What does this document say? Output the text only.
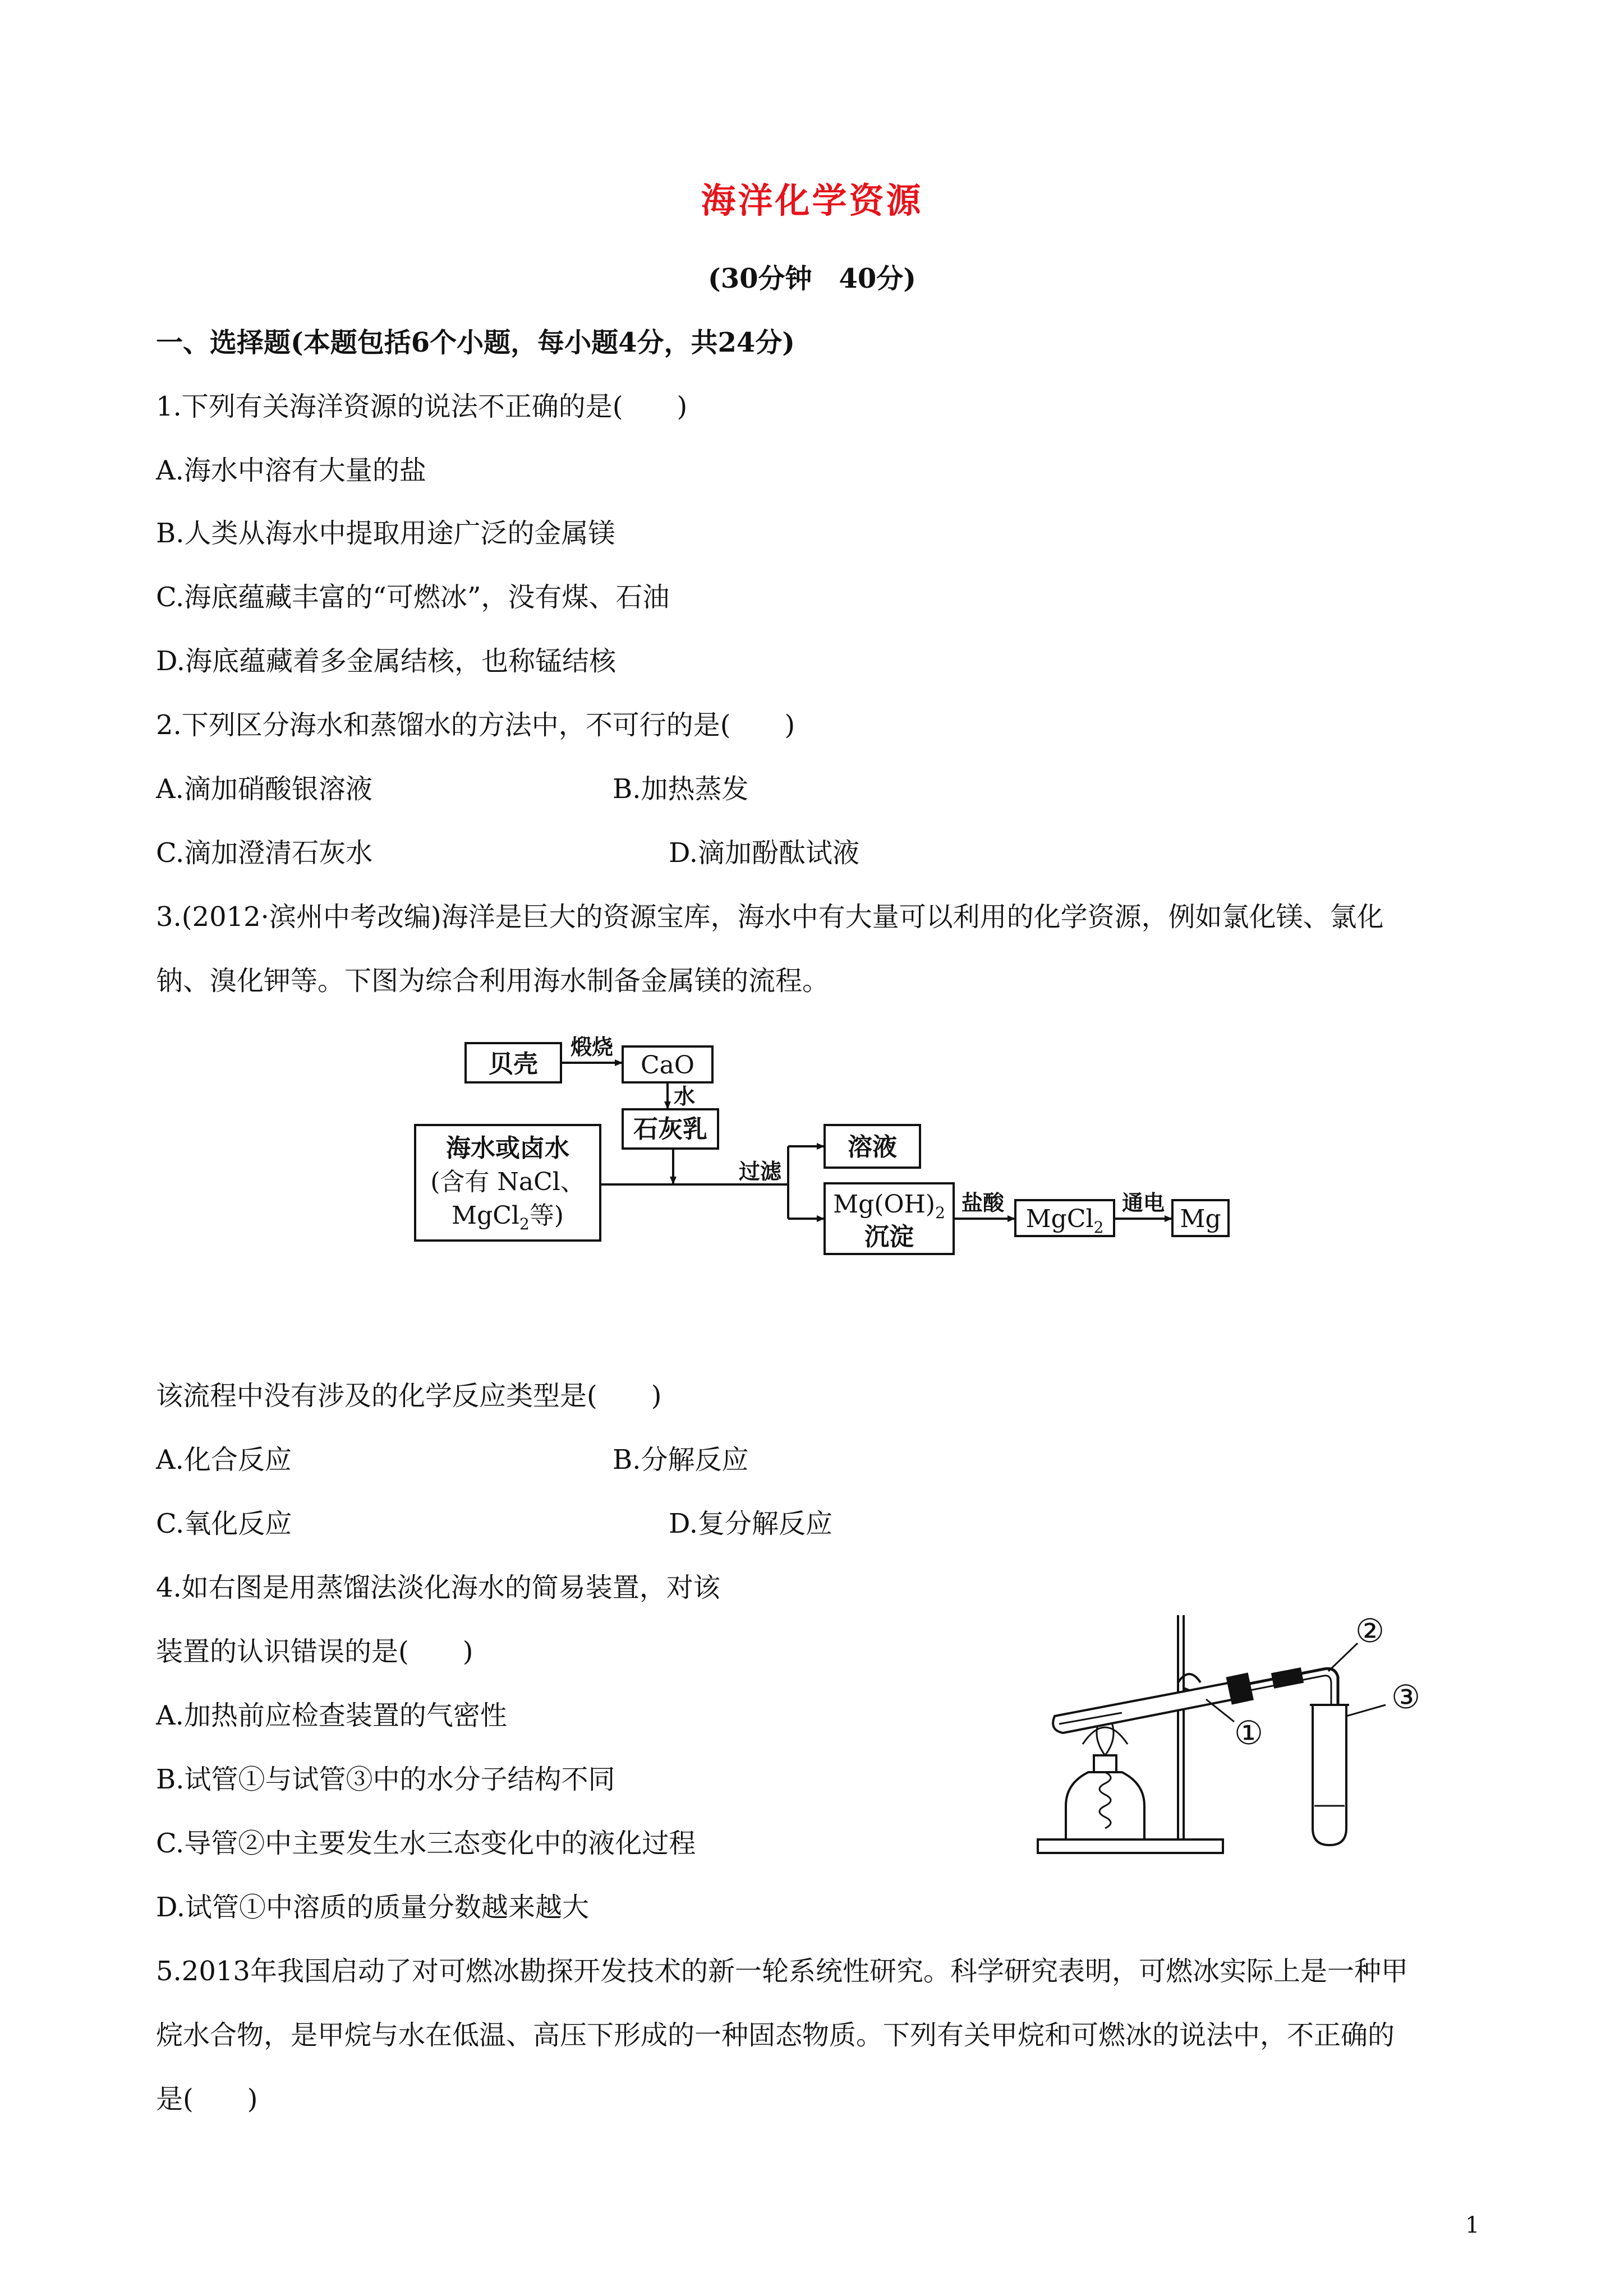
海洋化学资源
(30分钟　40分)
一、选择题(本题包括6个小题，每小题4分，共24分)
1.下列有关海洋资源的说法不正确的是(　　)
A.海水中溶有大量的盐
B.人类从海水中提取用途广泛的金属镁
C.海底蕴藏丰富的“可燃冰”，没有煤、石油
D.海底蕴藏着多金属结核，也称锰结核
2.下列区分海水和蒸馏水的方法中，不可行的是(　　)
A.滴加硝酸银溶液	B.加热蒸发
C.滴加澄清石灰水	D.滴加酚酞试液
3.(2012·滨州中考改编)海洋是巨大的资源宝库，海水中有大量可以利用的化学资源，例如氯化镁、氯化
钠、溴化钾等。下图为综合利用海水制备金属镁的流程。
贝壳	CaO
石灰乳
海水或卤水
(含有 NaCl、
MgCl$_2$等)
溶液
$Mg(OH)_2$
沉淀
MgCl$_2$	Mg
煅烧
水
过滤
盐酸	通电
该流程中没有涉及的化学反应类型是(　　)
A.化合反应	B.分解反应
C.氧化反应	D.复分解反应
4.如右图是用蒸馏法淡化海水的简易装置，对该
装置的认识错误的是(　　)
A.加热前应检查装置的气密性
B.试管①与试管③中的水分子结构不同
C.导管②中主要发生水三态变化中的液化过程
D.试管①中溶质的质量分数越来越大
①
②
③
5.2013年我国启动了对可燃冰勘探开发技术的新一轮系统性研究。科学研究表明，可燃冰实际上是一种甲
烷水合物，是甲烷与水在低温、高压下形成的一种固态物质。下列有关甲烷和可燃冰的说法中，不正确的
是(　　)
1
